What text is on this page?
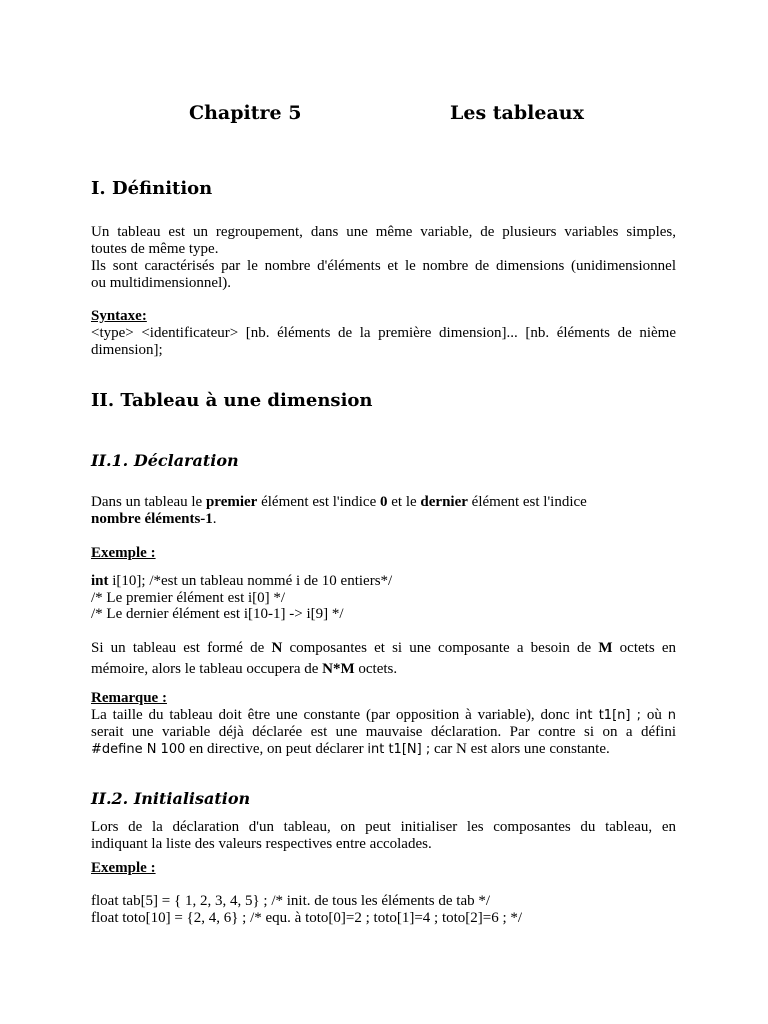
Chapitre 5	Les tableaux
I. Définition
Un tableau est un regroupement, dans une même variable, de plusieurs variables simples,
toutes de même type.
Ils sont caractérisés par le nombre d'éléments et le nombre de dimensions (unidimensionnel
ou multidimensionnel).
Syntaxe:
<type> <identificateur> [nb. éléments de la première dimension]... [nb. éléments de nième
dimension];
II. Tableau à une dimension
II.1. Déclaration
Dans un tableau le premier élément est l'indice 0 et le dernier élément est l'indice
nombre éléments-1.
Exemple :
int i[10]; /*est un tableau nommé i de 10 entiers*/
/* Le premier élément est i[0] */
/* Le dernier élément est i[10-1] -> i[9] */
Si un tableau est formé de N composantes et si une composante a besoin de M octets en
mémoire, alors le tableau occupera de N*M octets.
Remarque :
La taille du tableau doit être une constante (par opposition à variable), donc int t1[n] ; où n
serait une variable déjà déclarée est une mauvaise déclaration. Par contre si on a défini
#define N 100 en directive, on peut déclarer int t1[N] ; car N est alors une constante.
II.2. Initialisation
Lors de la déclaration d'un tableau, on peut initialiser les composantes du tableau, en
indiquant la liste des valeurs respectives entre accolades.
Exemple :
float tab[5] = { 1, 2, 3, 4, 5} ; /* init. de tous les éléments de tab */
float toto[10] = {2, 4, 6} ; /* equ. à toto[0]=2 ; toto[1]=4 ; toto[2]=6 ; */
